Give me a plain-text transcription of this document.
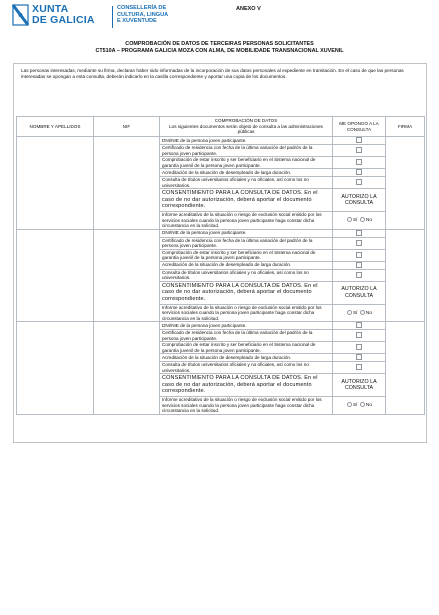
XUNTA
DE GALICIA
CONSELLERÍA DE
CULTURA, LINGUA
E XUVENTUDE
ANEXO V
COMPROBACIÓN DE DATOS DE TERCEIRAS PERSONAS SOLICITANTES
CT510A – PROGRAMA GALICIA MOZA CON ALMA, DE MOBILIDADE TRANSNACIONAL XUVENIL
Las personas interesadas, mediante su firma, declaran haber sido informadas de la incorporación de sus datos personales al expediente en tramitación. En el caso de que las personas interesadas se opongan a esta consulta, deberán indicarlo en la casilla correspondiente y aportar una copia de los documentos.
NOMBRE Y APELLIDOS	NIF	COMPROBACIÓN DE DATOS
Los siguientes documentos serán objeto de consulta a las administraciones públicas	ME OPONGO A LA CONSULTA	FIRMA
		DNI/NIE de la persona joven participante.		
		Certificado de residencia con fecha de la última variación del padrón de la persona joven participante.		
		Comprobación de estar inscrito y ser beneficiario en el Sistema nacional de garantía juvenil de la persona joven participante.		
		Acreditación de la situación de desempleado de larga duración.		
		Consulta de títulos universitarios oficiales y no oficiales, así como los no universitarios.		
		CONSENTIMIENTO PARA LA CONSULTA DE DATOS. En el caso de no dar autorización, deberá aportar el documento correspondiente.	AUTORIZO LA CONSULTA	
		Informe acreditativo de la situación o riesgo de exclusión social emitido por los servicios sociales cuando la persona joven participante haga constar dicha circunstancia en la solicitud.	Sí No	
		DNI/NIE de la persona joven participante.		
		Certificado de residencia con fecha de la última variación del padrón de la persona joven participante.		
		Comprobación de estar inscrito y ser beneficiario en el Sistema nacional de garantía juvenil de la persona joven participante.		
		Acreditación de la situación de desempleado de larga duración.		
		Consulta de títulos universitarios oficiales y no oficiales, así como los no universitarios.		
		CONSENTIMIENTO PARA LA CONSULTA DE DATOS. En el caso de no dar autorización, deberá aportar el documento correspondiente.	AUTORIZO LA CONSULTA	
		Informe acreditativo de la situación o riesgo de exclusión social emitido por los servicios sociales cuando la persona joven participante haga constar dicha circunstancia en la solicitud.	Sí No	
		DNI/NIE de la persona joven participante.		
		Certificado de residencia con fecha de la última variación del padrón de la persona joven participante.		
		Comprobación de estar inscrito y ser beneficiario en el Sistema nacional de garantía juvenil de la persona joven participante.		
		Acreditación de la situación de desempleado de larga duración.		
		Consulta de títulos universitarios oficiales y no oficiales, así como los no universitarios.		
		CONSENTIMIENTO PARA LA CONSULTA DE DATOS. En el caso de no dar autorización, deberá aportar el documento correspondiente.	AUTORIZO LA CONSULTA	
		Informe acreditativo de la situación o riesgo de exclusión social emitido por los servicios sociales cuando la persona joven participante haga constar dicha circunstancia en la solicitud.	Sí No	
